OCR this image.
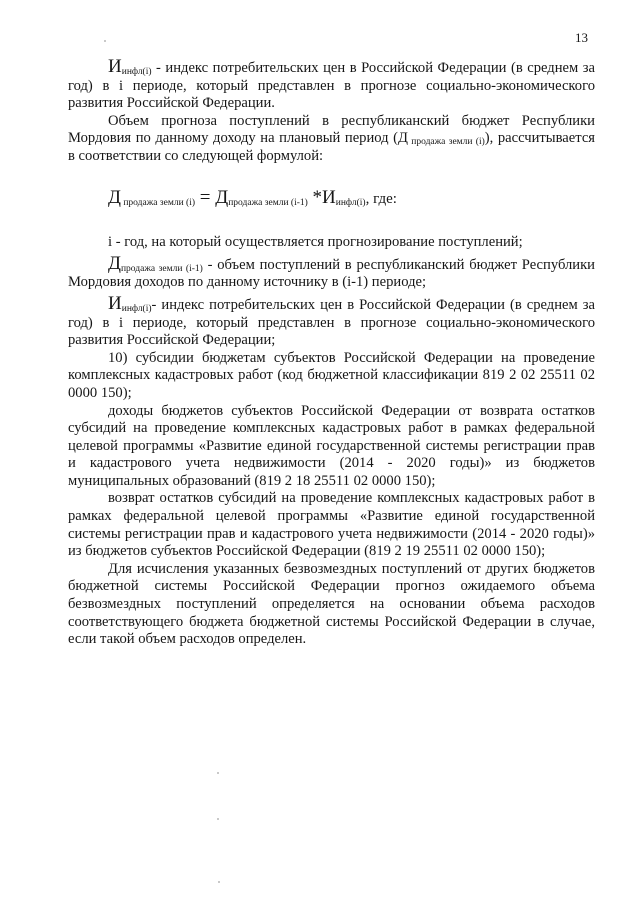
13

$И_{инфл(i)}$ - индекс потребительских цен в Российской Федерации (в среднем за год) в i периоде, который представлен в прогнозе социально-экономического развития Российской Федерации.

Объем прогноза поступлений в республиканский бюджет Республики Мордовия по данному доходу на плановый период (Д $_{продажа земли (i)}$), рассчитывается в соответствии со следующей формулой:

Д $_{продажа земли (i)} = Д_{продажа земли (i-1)}$ $*И_{инфл(i)}$, где:

i - год, на который осуществляется прогнозирование поступлений;

$Д_{продажа земли (i-1)}$ - объем поступлений в республиканский бюджет Республики Мордовия доходов по данному источнику в (i-1) периоде;

$И_{инфл(i)}-$ индекс потребительских цен в Российской Федерации (в среднем за год) в i периоде, который представлен в прогнозе социально-экономического развития Российской Федерации;

10) субсидии бюджетам субъектов Российской Федерации на проведение комплексных кадастровых работ (код бюджетной классификации 819 2 02 25511 02 0000 150);

доходы бюджетов субъектов Российской Федерации от возврата остатков субсидий на проведение комплексных кадастровых работ в рамках федеральной целевой программы «Развитие единой государственной системы регистрации прав и кадастрового учета недвижимости (2014 - 2020 годы)» из бюджетов муниципальных образований (819 2 18 25511 02 0000 150);

возврат остатков субсидий на проведение комплексных кадастровых работ в рамках федеральной целевой программы «Развитие единой государственной системы регистрации прав и кадастрового учета недвижимости (2014 - 2020 годы)» из бюджетов субъектов Российской Федерации (819 2 19 25511 02 0000 150);

Для исчисления указанных безвозмездных поступлений от других бюджетов бюджетной системы Российской Федерации прогноз ожидаемого объема безвозмездных поступлений определяется на основании объема расходов соответствующего бюджета бюджетной системы Российской Федерации в случае, если такой объем расходов определен.
